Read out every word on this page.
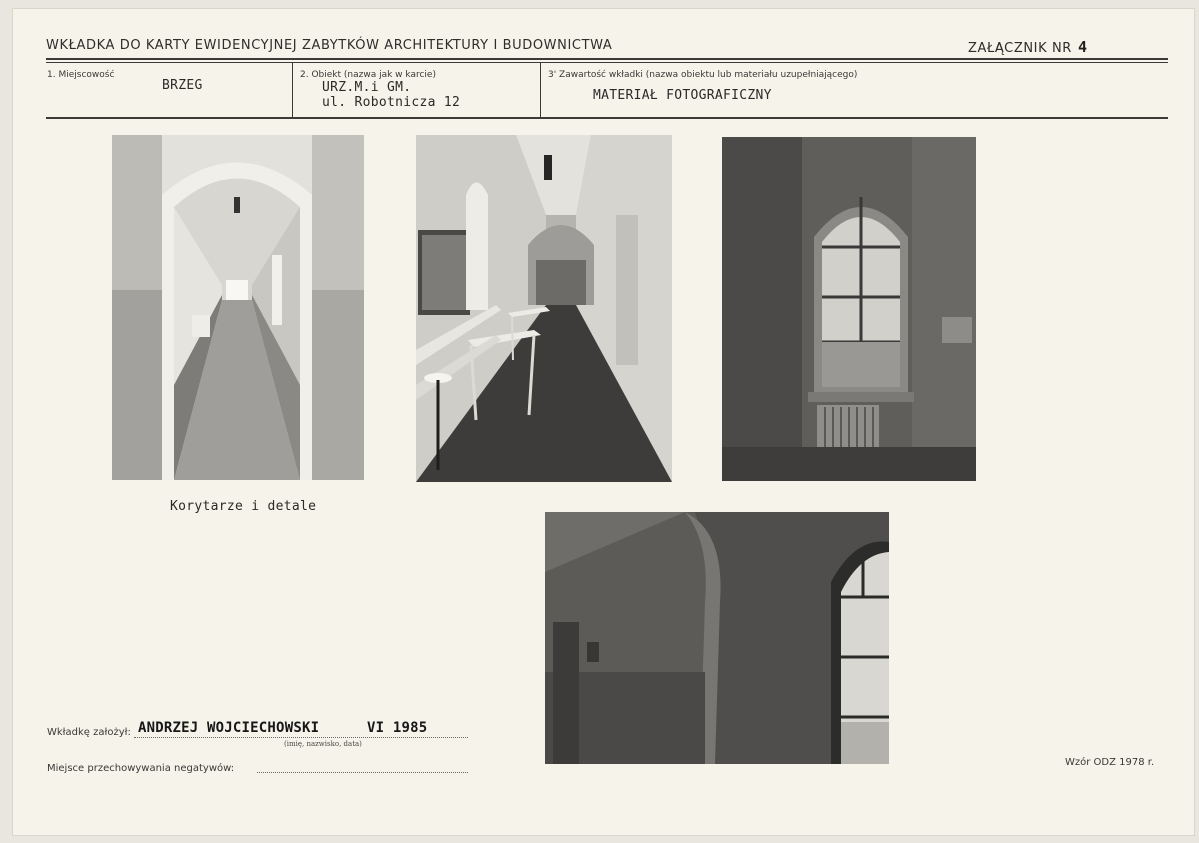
WKŁADKA DO KARTY EWIDENCYJNEJ ZABYTKÓW ARCHITEKTURY I BUDOWNICTWA	ZAŁĄCZNIK NR 4
1. Miejscowość
BRZEG
2. Obiekt (nazwa jak w karcie)
URZ.M.i GM.
ul. Robotnicza 12
3' Zawartość wkładki (nazwa obiektu lub materiału uzupełniającego)
MATERIAŁ FOTOGRAFICZNY
Korytarze i detale
Wkładkę założył: ANDRZEJ WOJCIECHOWSKI	VI 1985
(imię, nazwisko, data)
Miejsce przechowywania negatywów:
Wzór ODZ 1978 r.
